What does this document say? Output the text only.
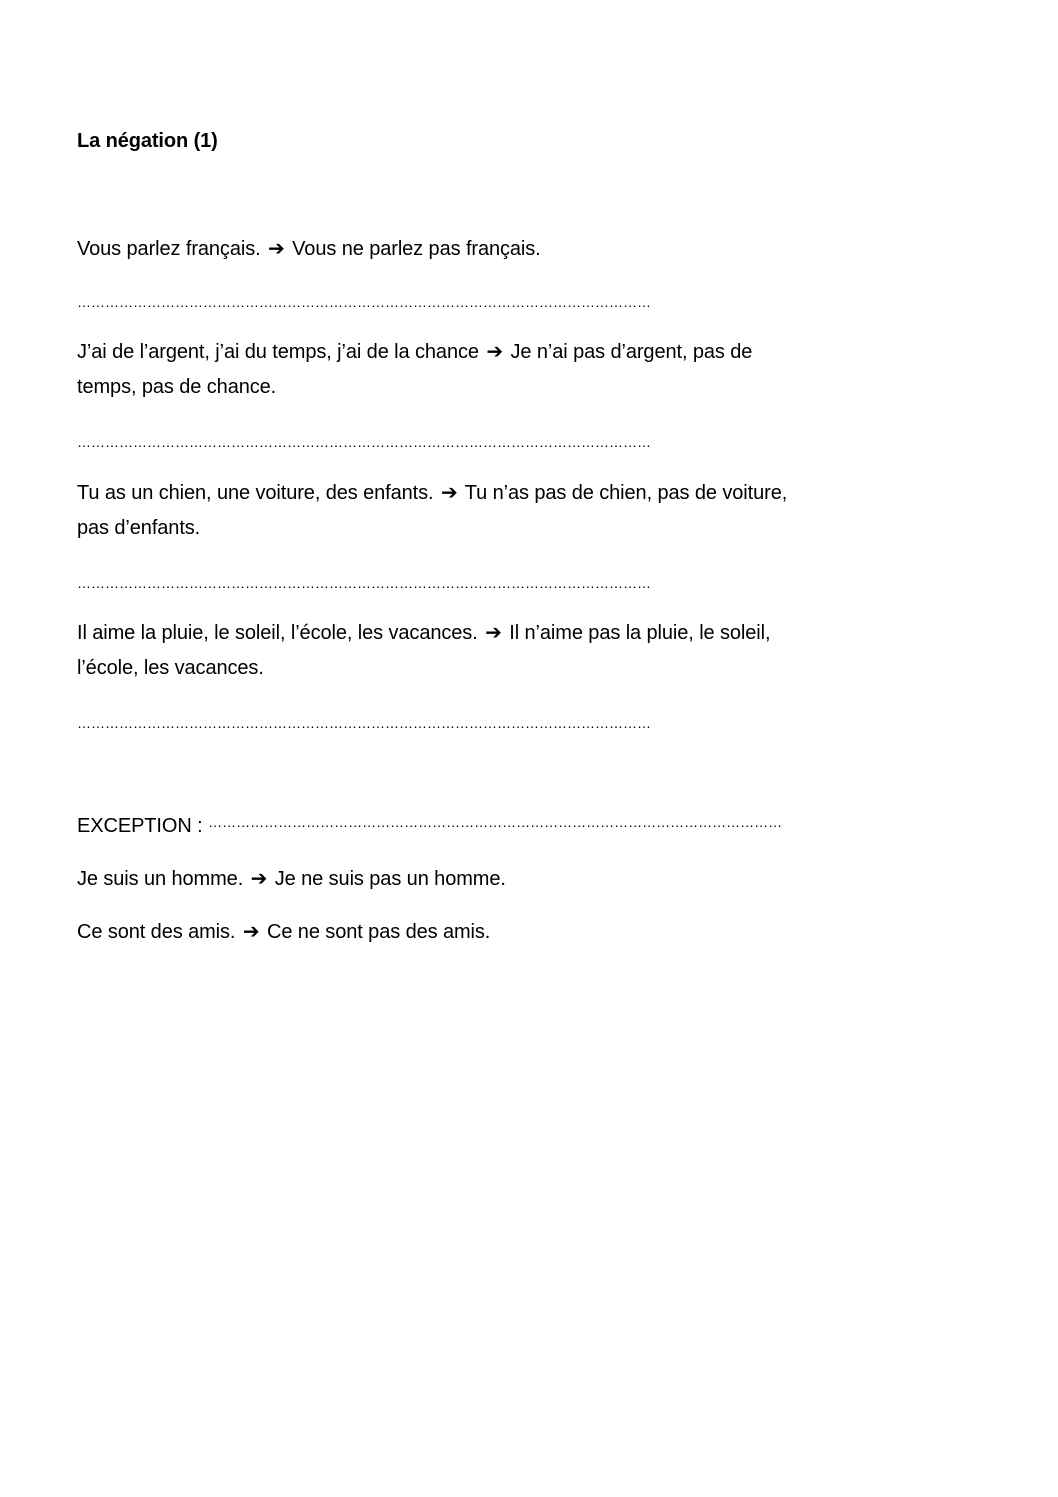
La négation (1)
Vous parlez français. ➔ Vous ne parlez pas français.
……………………………………………………………………………………………………………
J’ai de l’argent, j’ai du temps, j’ai de la chance ➔ Je n’ai pas d’argent, pas de
temps, pas de chance.
……………………………………………………………………………………………………………
Tu as un chien, une voiture, des enfants. ➔ Tu n’as pas de chien, pas de voiture,
pas d’enfants.
……………………………………………………………………………………………………………
Il aime la pluie, le soleil, l’école, les vacances. ➔ Il n’aime pas la pluie, le soleil,
l’école, les vacances.
……………………………………………………………………………………………………………
EXCEPTION : ……………………………………………………………………………………………………………
Je suis un homme. ➔ Je ne suis pas un homme.
Ce sont des amis. ➔ Ce ne sont pas des amis.
